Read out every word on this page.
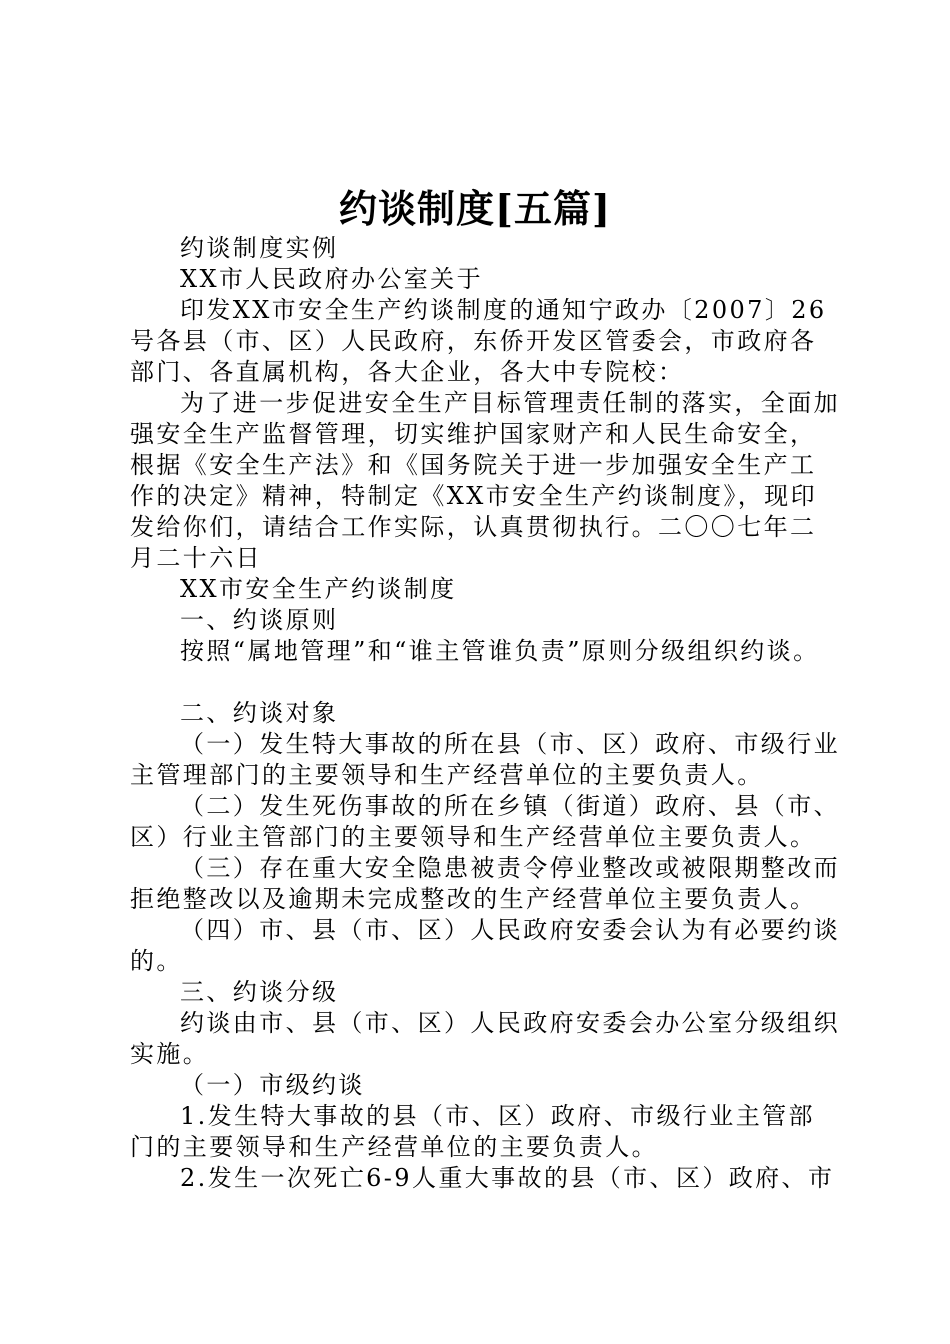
约谈制度[五篇]

约谈制度实例

XX市人民政府办公室关于

印发XX市安全生产约谈制度的通知宁政办〔2007〕26号各县（市、区）人民政府，东侨开发区管委会，市政府各部门、各直属机构，各大企业，各大中专院校：

为了进一步促进安全生产目标管理责任制的落实，全面加强安全生产监督管理，切实维护国家财产和人民生命安全，根据《安全生产法》和《国务院关于进一步加强安全生产工作的决定》精神，特制定《XX市安全生产约谈制度》，现印发给你们，请结合工作实际，认真贯彻执行。二〇〇七年二月二十六日

XX市安全生产约谈制度

一、约谈原则

按照“属地管理”和“谁主管谁负责”原则分级组织约谈。

二、约谈对象

（一）发生特大事故的所在县（市、区）政府、市级行业主管理部门的主要领导和生产经营单位的主要负责人。

（二）发生死伤事故的所在乡镇（街道）政府、县（市、区）行业主管部门的主要领导和生产经营单位主要负责人。

（三）存在重大安全隐患被责令停业整改或被限期整改而拒绝整改以及逾期未完成整改的生产经营单位主要负责人。

（四）市、县（市、区）人民政府安委会认为有必要约谈的。

三、约谈分级

约谈由市、县（市、区）人民政府安委会办公室分级组织实施。

（一）市级约谈

1.发生特大事故的县（市、区）政府、市级行业主管部门的主要领导和生产经营单位的主要负责人。

2.发生一次死亡6-9人重大事故的县（市、区）政府、市
